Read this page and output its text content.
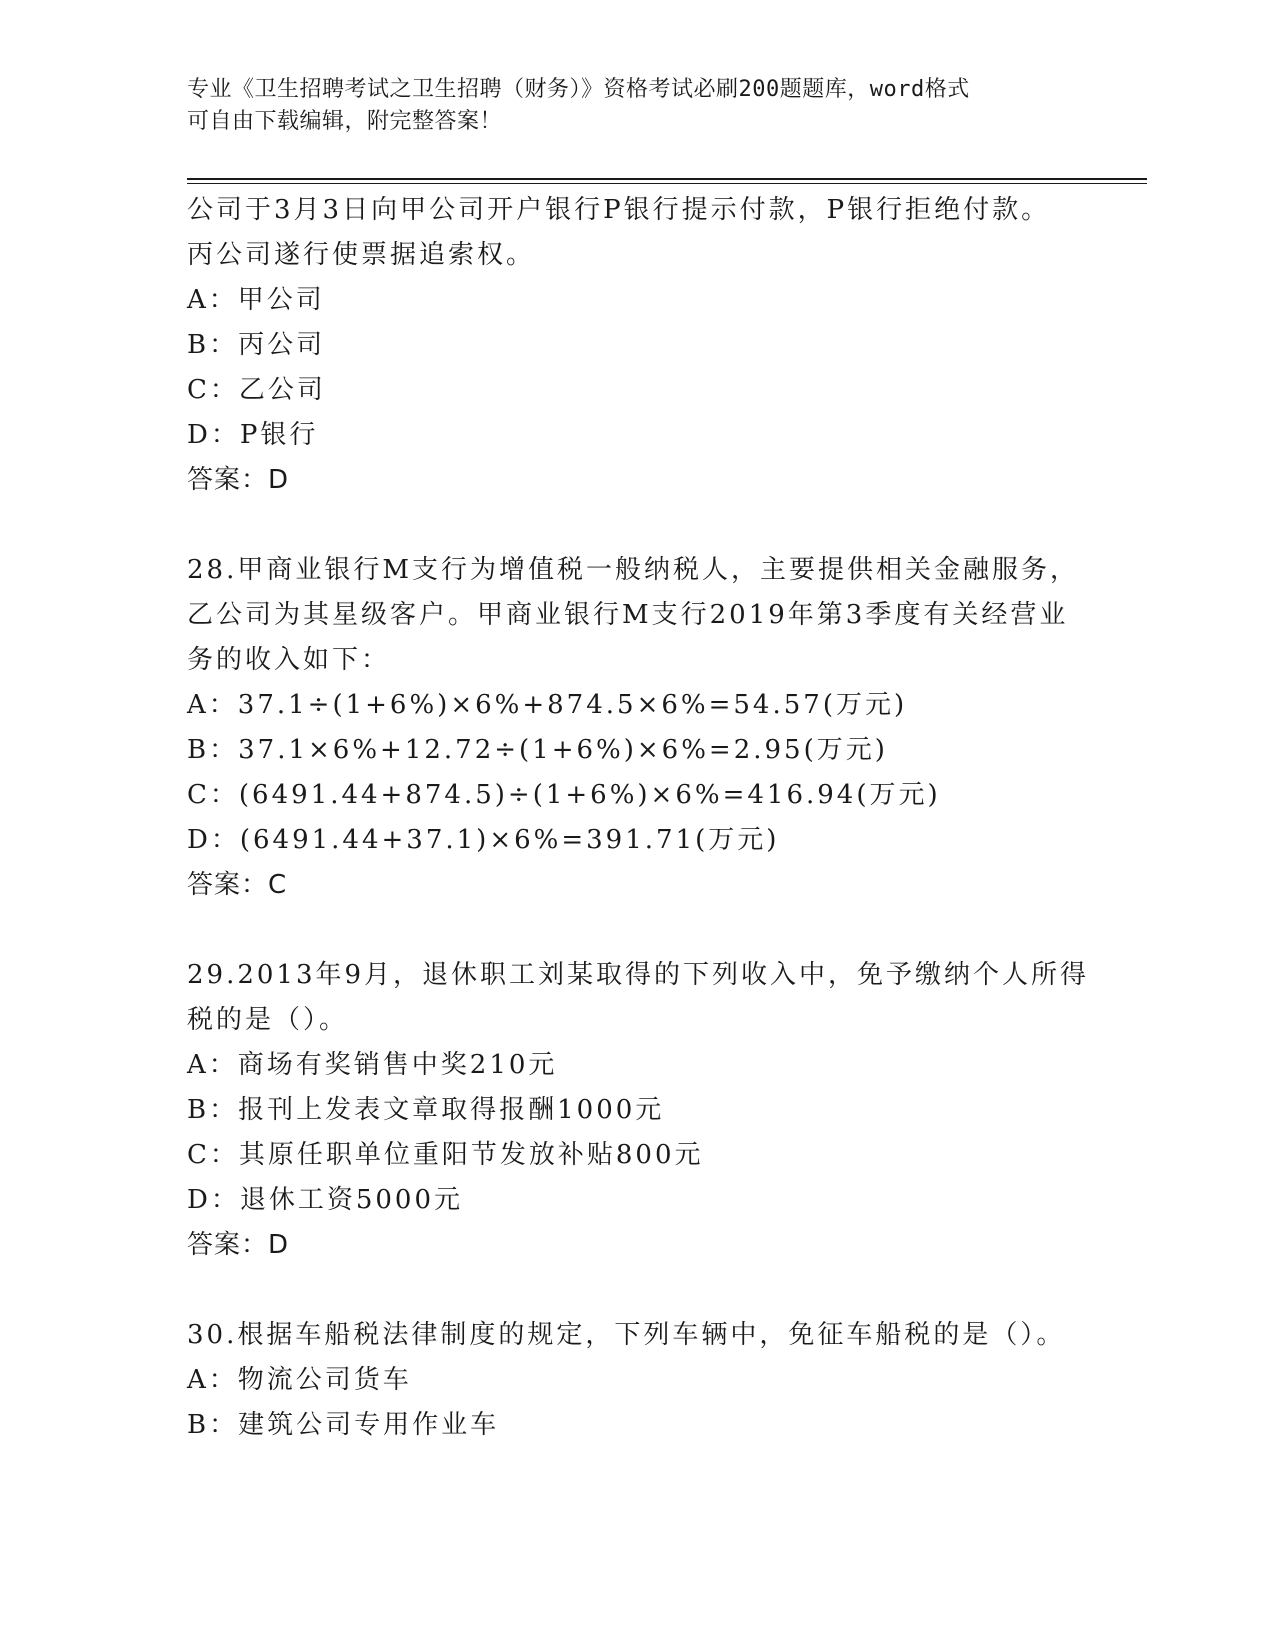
专业《卫生招聘考试之卫生招聘（财务）》资格考试必刷200题题库，word格式
可自由下载编辑，附完整答案！
公司于3月3日向甲公司开户银行P银行提示付款，P银行拒绝付款。
丙公司遂行使票据追索权。
A：甲公司
B：丙公司
C：乙公司
D：P银行
答案：D
28.甲商业银行M支行为增值税一般纳税人，主要提供相关金融服务，
乙公司为其星级客户。甲商业银行M支行2019年第3季度有关经营业
务的收入如下：
A：37.1÷(1+6%)×6%+874.5×6%=54.57(万元)
B：37.1×6%+12.72÷(1+6%)×6%=2.95(万元)
C：(6491.44+874.5)÷(1+6%)×6%=416.94(万元)
D：(6491.44+37.1)×6%=391.71(万元)
答案：C
29.2013年9月，退休职工刘某取得的下列收入中，免予缴纳个人所得
税的是（）。
A：商场有奖销售中奖210元
B：报刊上发表文章取得报酬1000元
C：其原任职单位重阳节发放补贴800元
D：退休工资5000元
答案：D
30.根据车船税法律制度的规定，下列车辆中，免征车船税的是（）。
A：物流公司货车
B：建筑公司专用作业车
